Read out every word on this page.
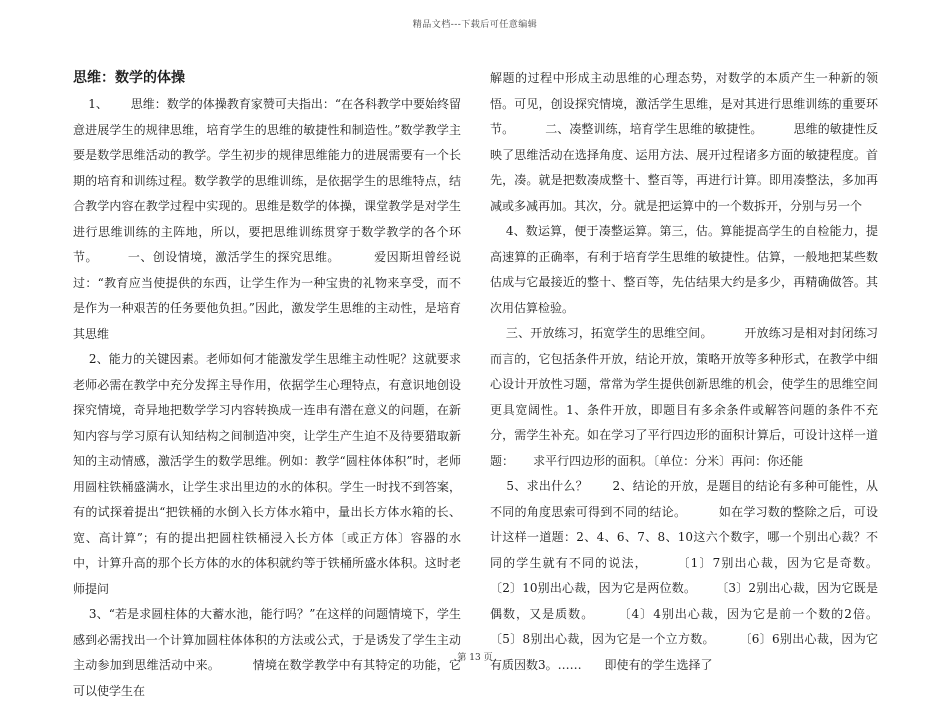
精品文档---下载后可任意编辑
思维：数学的体操

1、      思维：数学的体操教育家赞可夫指出：“在各科教学中要始终留意进展学生的规律思维，培育学生的思维的敏捷性和制造性。”数学教学主要是数学思维活动的教学。学生初步的规律思维能力的进展需要有一个长期的培育和训练过程。数学教学的思维训练，是依据学生的思维特点，结合教学内容在教学过程中实现的。思维是数学的体操，课堂教学是对学生进行思维训练的主阵地，所以，要把思维训练贯穿于数学教学的各个环节。       一、创设情境，激活学生的探究思维。        爱因斯坦曾经说过：“教育应当使提供的东西，让学生作为一种宝贵的礼物来享受，而不是作为一种艰苦的任务要他负担。”因此，激发学生思维的主动性，是培育其思维

2、能力的关键因素。老师如何才能激发学生思维主动性呢？这就要求老师必需在教学中充分发挥主导作用，依据学生心理特点，有意识地创设探究情境，奇异地把数学学习内容转换成一连串有潜在意义的问题，在新知内容与学习原有认知结构之间制造冲突，让学生产生迫不及待要猎取新知的主动情感，激活学生的数学思维。例如：教学“圆柱体体积”时，老师用圆柱铁桶盛满水，让学生求出里边的水的体积。学生一时找不到答案，有的试探着提出“把铁桶的水倒入长方体水箱中，量出长方体水箱的长、宽、高计算”；有的提出把圆柱铁桶浸入长方体〔或正方体〕容器的水中，计算升高的那个长方体的水的体积就约等于铁桶所盛水体积。这时老师提问

3、“若是求圆柱体的大蓄水池，能行吗？”在这样的问题情境下，学生感到必需找出一个计算加圆柱体体积的方法或公式，于是诱发了学生主动主动参加到思维活动中来。        情境在数学教学中有其特定的功能，它可以使学生在

解题的过程中形成主动思维的心理态势，对数学的本质产生一种新的领悟。可见，创设探究情境，激活学生思维，是对其进行思维训练的重要环节。        二、凑整训练，培育学生思维的敏捷性。        思维的敏捷性反映了思维活动在选择角度、运用方法、展开过程诸多方面的敏捷程度。首先，凑。就是把数凑成整十、整百等，再进行计算。即用凑整法，多加再减或多减再加。其次，分。就是把运算中的一个数拆开，分别与另一个

4、数运算，便于凑整运算。第三，估。算能提高学生的自检能力，提高速算的正确率，有利于培育学生思维的敏捷性。估算，一般地把某些数估成与它最接近的整十、整百等，先估结果大约是多少，再精确做答。其次用估算检验。

三、开放练习，拓宽学生的思维空间。        开放练习是相对封闭练习而言的，它包括条件开放，结论开放，策略开放等多种形式，在教学中细心设计开放性习题，常常为学生提供创新思维的机会，使学生的思维空间更具宽阔性。1、条件开放，即题目有多余条件或解答问题的条件不充分，需学生补充。如在学习了平行四边形的面积计算后，可设计这样一道题：     求平行四边形的面积。〔单位：分米〕再问：你还能

5、求出什么？      2、结论的开放，是题目的结论有多种可能性，从不同的角度思索可得到不同的结论。        如在学习数的整除之后，可设计这样一道题：2、4、6、7、8、10这六个数字，哪一个别出心裁？不同的学生就有不同的说法，      〔1〕7别出心裁，因为它是奇数。     〔2〕10别出心裁，因为它是两位数。     〔3〕2别出心裁，因为它既是偶数，又是质数。     〔4〕4别出心裁，因为它是前一个数的2倍。        〔5〕8别出心裁，因为它是一个立方数。      〔6〕6别出心裁，因为它有质因数3。……      即使有的学生选择了

第 13 页
